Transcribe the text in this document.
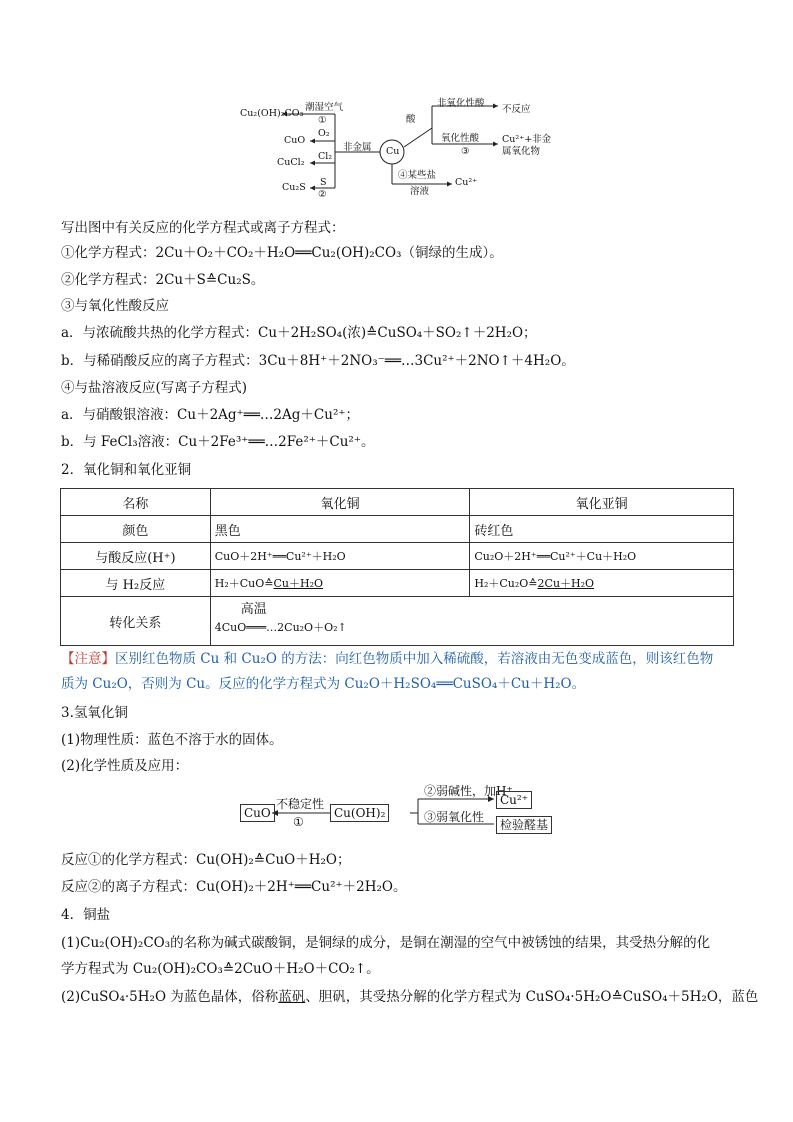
Cu₂(OH)₂CO₃
CuO
CuCl₂
Cu₂S
潮湿空气
①
O₂
Cl₂
S
②
非金属 Cu
酸
非氧化性酸
不反应
氧化性酸
③
Cu²⁺+非金
属氧化物
④某些盐
溶液
Cu²⁺
写出图中有关反应的化学方程式或离子方程式：
①化学方程式：2Cu＋O₂＋CO₂＋H₂O══Cu₂(OH)₂CO₃（铜绿的生成）。
②化学方程式：2Cu＋S≙Cu₂S。
③与氧化性酸反应
a．与浓硫酸共热的化学方程式：Cu＋2H₂SO₄(浓)≙CuSO₄＋SO₂↑＋2H₂O；
b．与稀硝酸反应的离子方程式：3Cu＋8H⁺＋2NO₃⁻══…3Cu²⁺＋2NO↑＋4H₂O。
④与盐溶液反应(写离子方程式)
a．与硝酸银溶液：Cu＋2Ag⁺══…2Ag＋Cu²⁺；
b．与 FeCl₃溶液：Cu＋2Fe³⁺══…2Fe²⁺＋Cu²⁺。
2．氧化铜和氧化亚铜
名称	氧化铜	氧化亚铜
颜色	黑色	砖红色
与酸反应(H⁺)	CuO＋2H⁺══Cu²⁺＋H₂O	Cu₂O＋2H⁺══Cu²⁺＋Cu＋H₂O
与 H₂反应	H₂＋CuO≙Cu＋H₂O	H₂＋Cu₂O≙2Cu＋H₂O
转化关系	高温
4CuO═══…2Cu₂O＋O₂↑	
【注意】区别红色物质 Cu 和 Cu₂O 的方法：向红色物质中加入稀硫酸，若溶液由无色变成蓝色，则该红色物
质为 Cu₂O，否则为 Cu。反应的化学方程式为 Cu₂O＋H₂SO₄══CuSO₄＋Cu＋H₂O。
3.氢氧化铜
(1)物理性质：蓝色不溶于水的固体。
(2)化学性质及应用：
CuO
不稳定性
①
Cu(OH)₂
②弱碱性，加H⁺
Cu²⁺
③弱氧化性
检验醛基
反应①的化学方程式：Cu(OH)₂≙CuO＋H₂O；
反应②的离子方程式：Cu(OH)₂＋2H⁺══Cu²⁺＋2H₂O。
4．铜盐
(1)Cu₂(OH)₂CO₃的名称为碱式碳酸铜，是铜绿的成分，是铜在潮湿的空气中被锈蚀的结果，其受热分解的化
学方程式为 Cu₂(OH)₂CO₃≙2CuO＋H₂O＋CO₂↑。
(2)CuSO₄·5H₂O 为蓝色晶体，俗称蓝矾、胆矾，其受热分解的化学方程式为 CuSO₄·5H₂O≙CuSO₄＋5H₂O，蓝色
